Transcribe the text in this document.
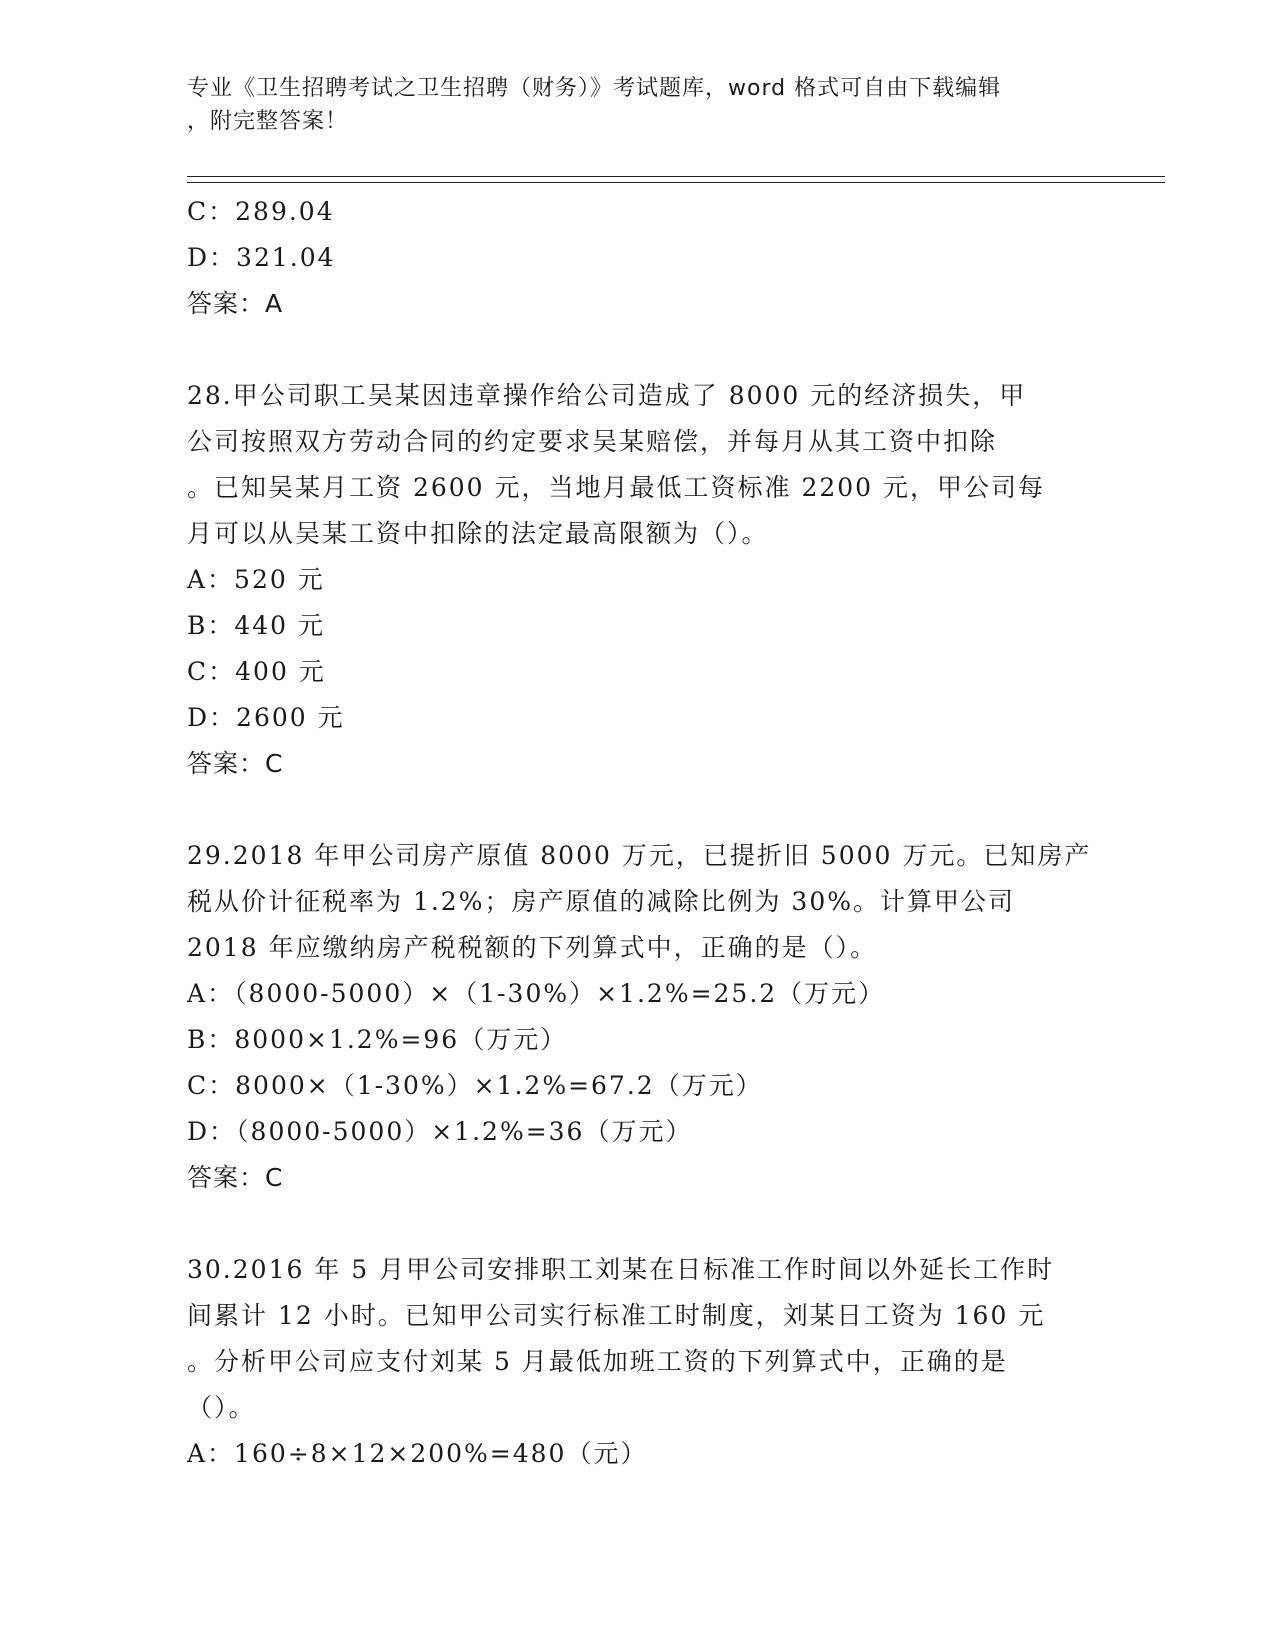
专业《卫生招聘考试之卫生招聘（财务）》考试题库，word 格式可自由下载编辑
，附完整答案！
C：289.04
D：321.04
答案：A
28.甲公司职工吴某因违章操作给公司造成了 8000 元的经济损失，甲
公司按照双方劳动合同的约定要求吴某赔偿，并每月从其工资中扣除
。已知吴某月工资 2600 元，当地月最低工资标准 2200 元，甲公司每
月可以从吴某工资中扣除的法定最高限额为（）。
A：520 元
B：440 元
C：400 元
D：2600 元
答案：C
29.2018 年甲公司房产原值 8000 万元，已提折旧 5000 万元。已知房产
税从价计征税率为 1.2%；房产原值的减除比例为 30%。计算甲公司
2018 年应缴纳房产税税额的下列算式中，正确的是（）。
A：（8000-5000）×（1-30%）×1.2%=25.2（万元）
B：8000×1.2%=96（万元）
C：8000×（1-30%）×1.2%=67.2（万元）
D：（8000-5000）×1.2%=36（万元）
答案：C
30.2016 年 5 月甲公司安排职工刘某在日标准工作时间以外延长工作时
间累计 12 小时。已知甲公司实行标准工时制度，刘某日工资为 160 元
。分析甲公司应支付刘某 5 月最低加班工资的下列算式中，正确的是
（）。
A：160÷8×12×200%=480（元）
